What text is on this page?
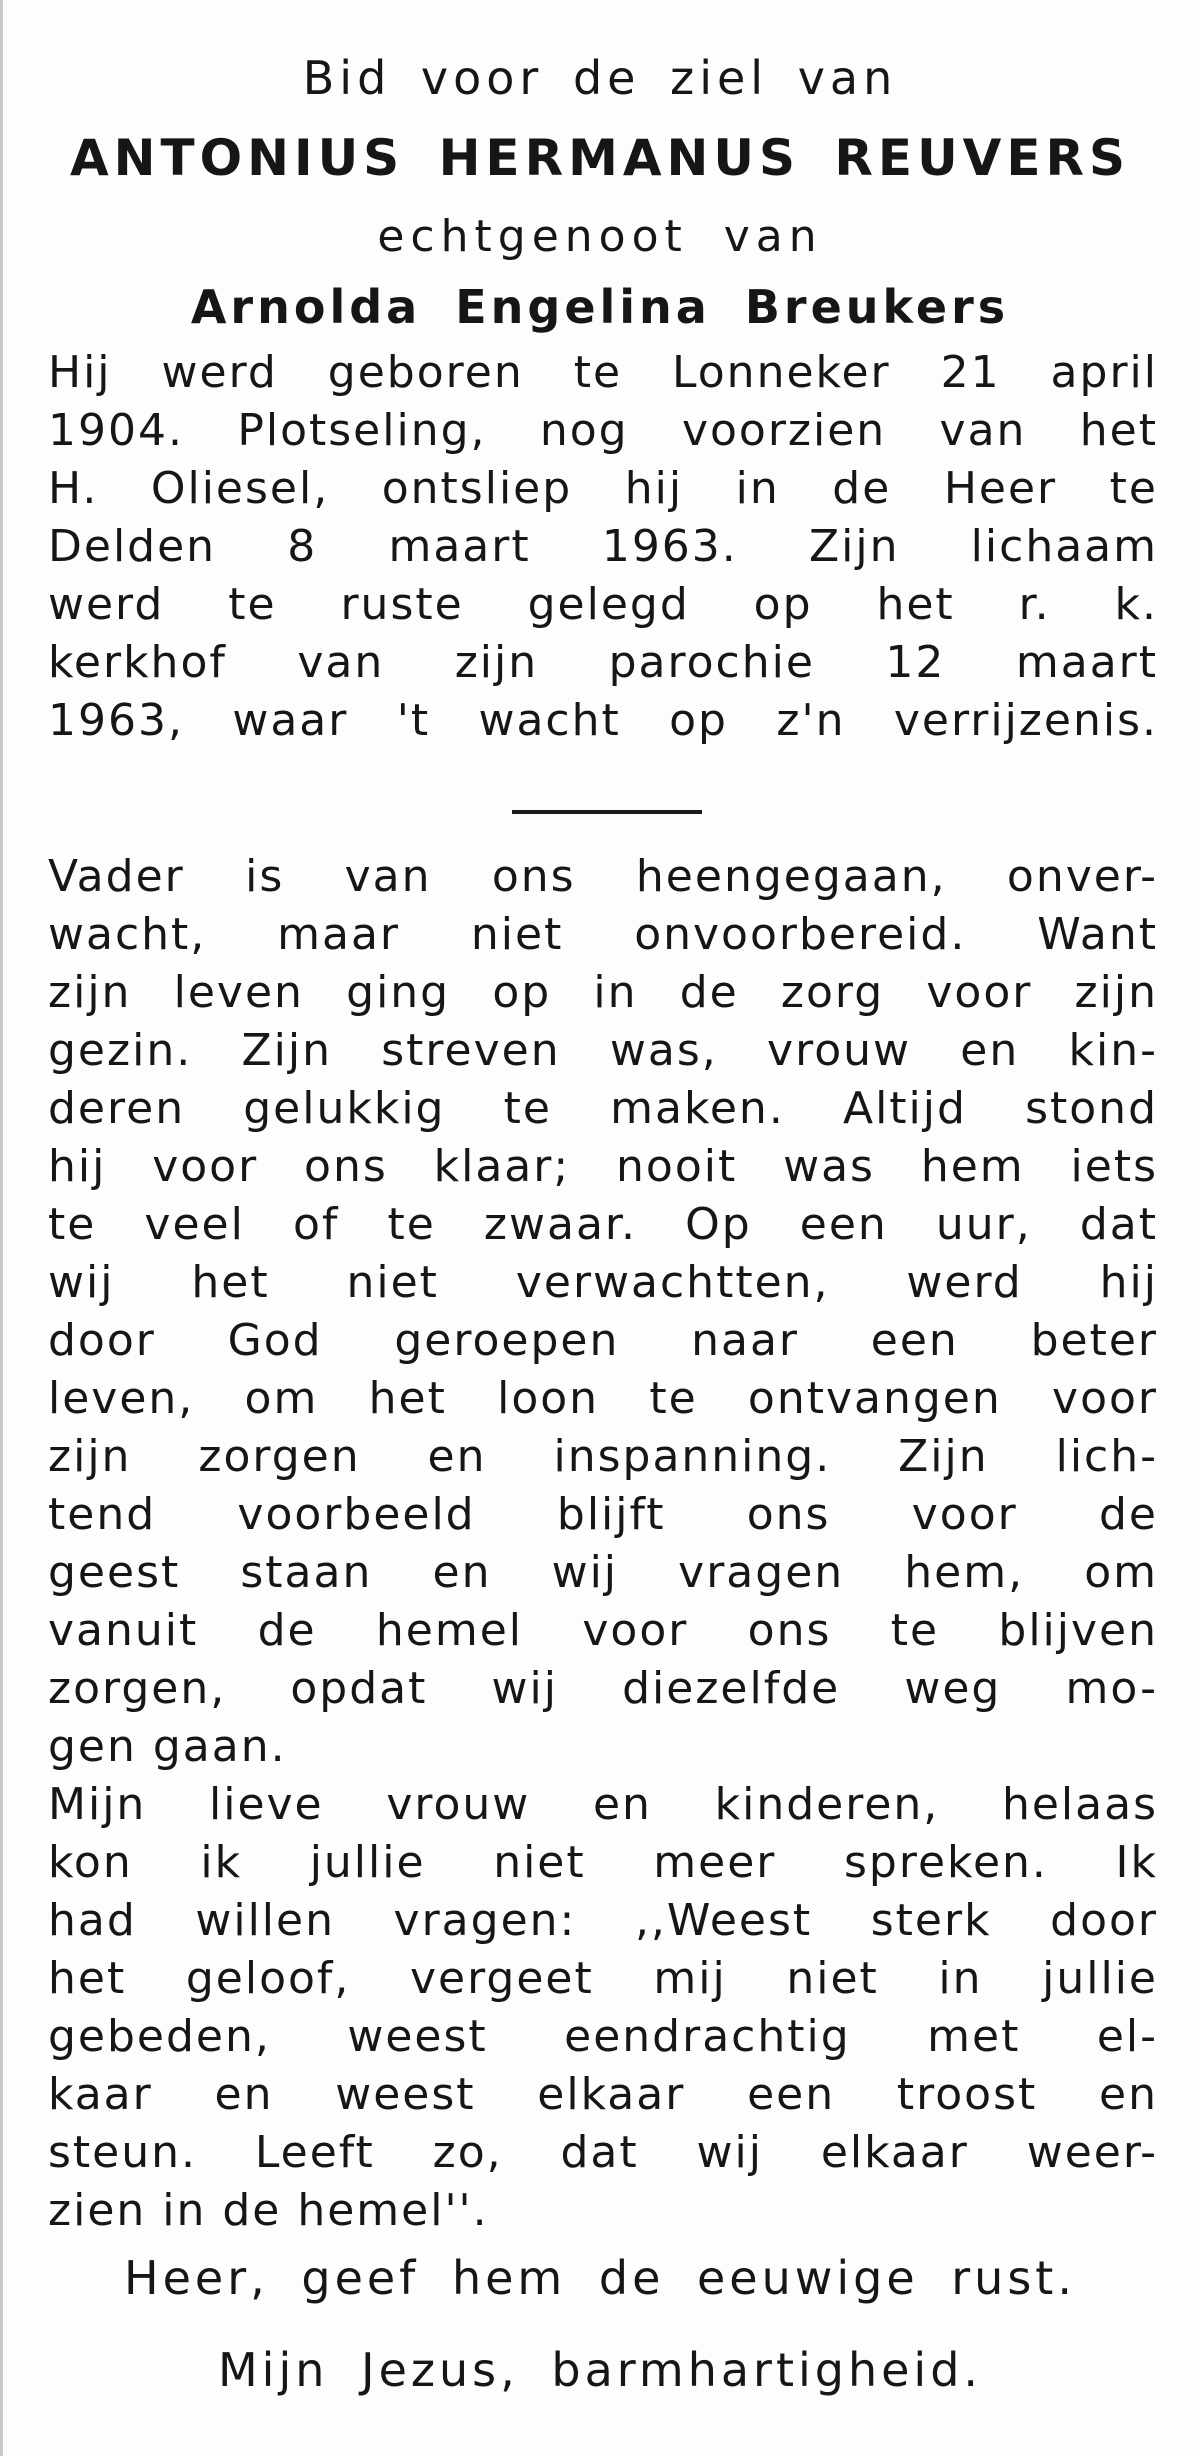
Bid voor de ziel van
ANTONIUS HERMANUS REUVERS
echtgenoot van
Arnolda Engelina Breukers
Hij werd geboren te Lonneker 21 april
1904. Plotseling, nog voorzien van het
H. Oliesel, ontsliep hij in de Heer te
Delden 8 maart 1963. Zijn lichaam
werd te ruste gelegd op het r. k.
kerkhof van zijn parochie 12 maart
1963, waar 't wacht op z'n verrijzenis.
Vader is van ons heengegaan, onver-
wacht, maar niet onvoorbereid. Want
zijn leven ging op in de zorg voor zijn
gezin. Zijn streven was, vrouw en kin-
deren gelukkig te maken. Altijd stond
hij voor ons klaar; nooit was hem iets
te veel of te zwaar. Op een uur, dat
wij het niet verwachtten, werd hij
door God geroepen naar een beter
leven, om het loon te ontvangen voor
zijn zorgen en inspanning. Zijn lich-
tend voorbeeld blijft ons voor de
geest staan en wij vragen hem, om
vanuit de hemel voor ons te blijven
zorgen, opdat wij diezelfde weg mo-
gen gaan.
Mijn lieve vrouw en kinderen, helaas
kon ik jullie niet meer spreken. Ik
had willen vragen: ,,Weest sterk door
het geloof, vergeet mij niet in jullie
gebeden, weest eendrachtig met el-
kaar en weest elkaar een troost en
steun. Leeft zo, dat wij elkaar weer-
zien in de hemel''.
Heer, geef hem de eeuwige rust.
Mijn Jezus, barmhartigheid.
